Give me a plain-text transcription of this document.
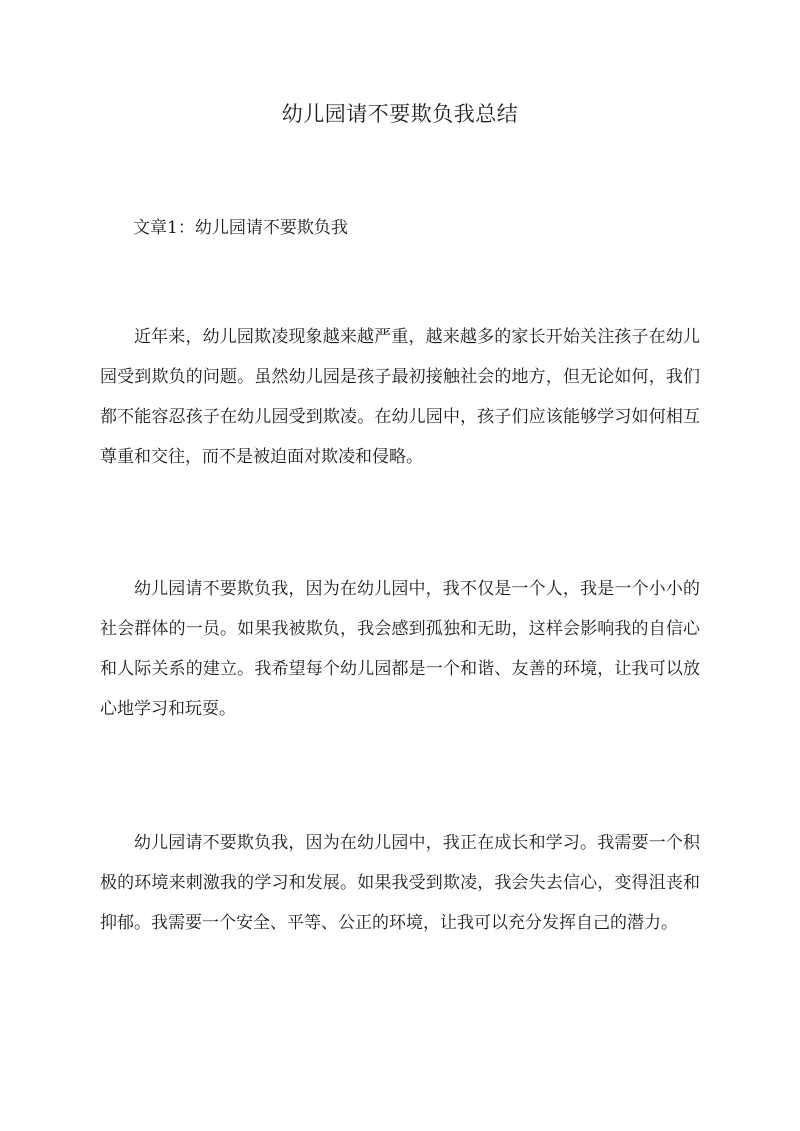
幼儿园请不要欺负我总结

文章1：幼儿园请不要欺负我

近年来，幼儿园欺凌现象越来越严重，越来越多的家长开始关注孩子在幼儿园受到欺负的问题。虽然幼儿园是孩子最初接触社会的地方，但无论如何，我们都不能容忍孩子在幼儿园受到欺凌。在幼儿园中，孩子们应该能够学习如何相互尊重和交往，而不是被迫面对欺凌和侵略。

幼儿园请不要欺负我，因为在幼儿园中，我不仅是一个人，我是一个小小的社会群体的一员。如果我被欺负，我会感到孤独和无助，这样会影响我的自信心和人际关系的建立。我希望每个幼儿园都是一个和谐、友善的环境，让我可以放心地学习和玩耍。

幼儿园请不要欺负我，因为在幼儿园中，我正在成长和学习。我需要一个积极的环境来刺激我的学习和发展。如果我受到欺凌，我会失去信心，变得沮丧和抑郁。我需要一个安全、平等、公正的环境，让我可以充分发挥自己的潜力。
